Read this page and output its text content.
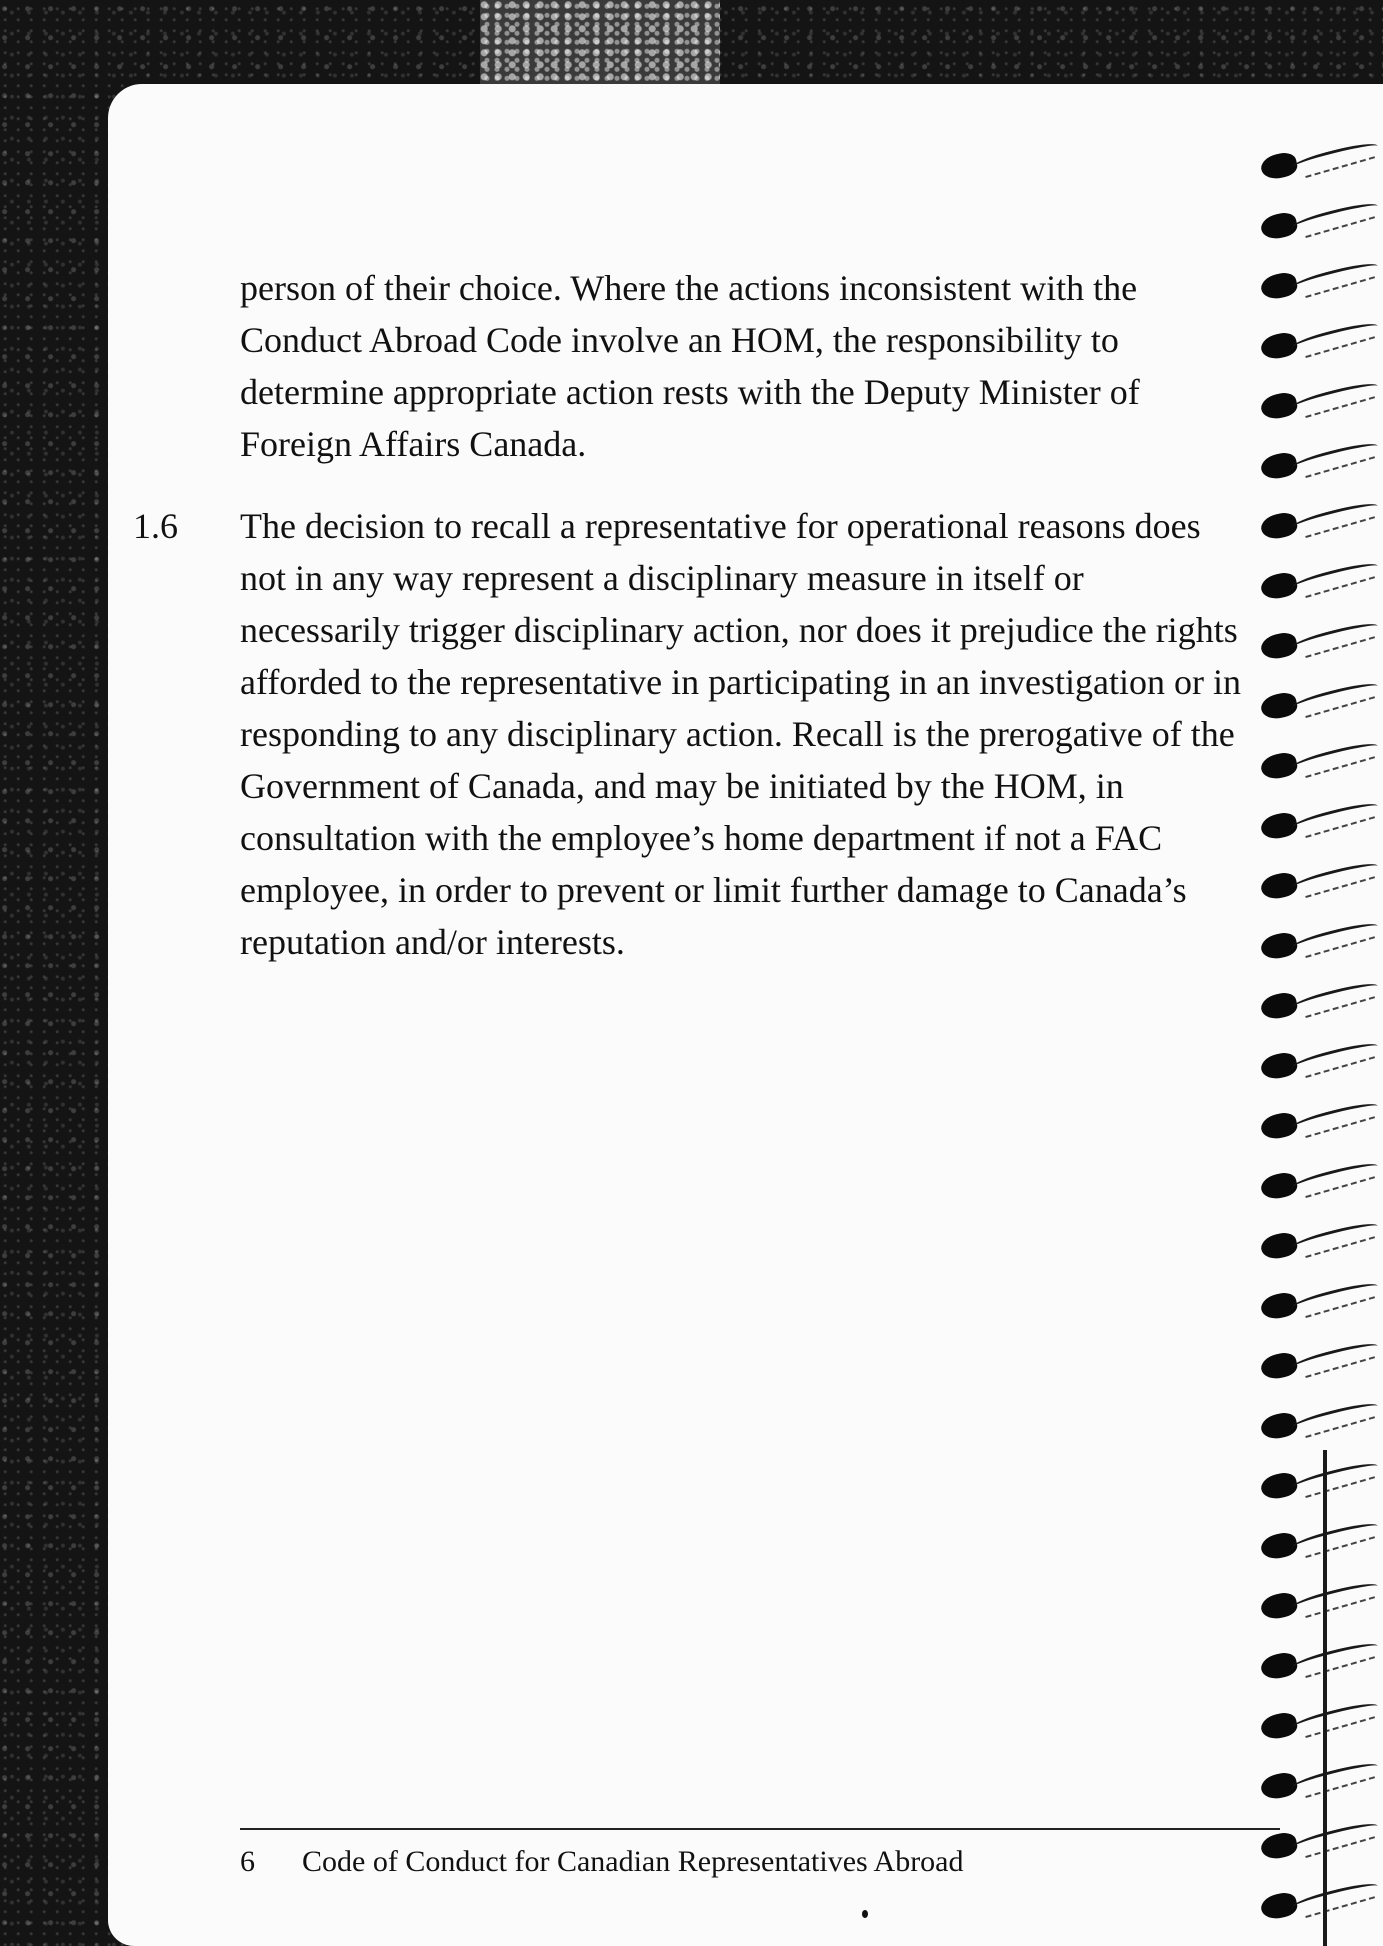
person of their choice. Where the actions inconsistent with the Conduct Abroad Code involve an HOM, the responsibility to determine appropriate action rests with the Deputy Minister of Foreign Affairs Canada.

1.6 The decision to recall a representative for operational reasons does not in any way represent a disciplinary measure in itself or necessarily trigger disciplinary action, nor does it prejudice the rights afforded to the representative in participating in an investigation or in responding to any disciplinary action. Recall is the prerogative of the Government of Canada, and may be initiated by the HOM, in consultation with the employee’s home department if not a FAC employee, in order to prevent or limit further damage to Canada’s reputation and/or interests.

6 Code of Conduct for Canadian Representatives Abroad
